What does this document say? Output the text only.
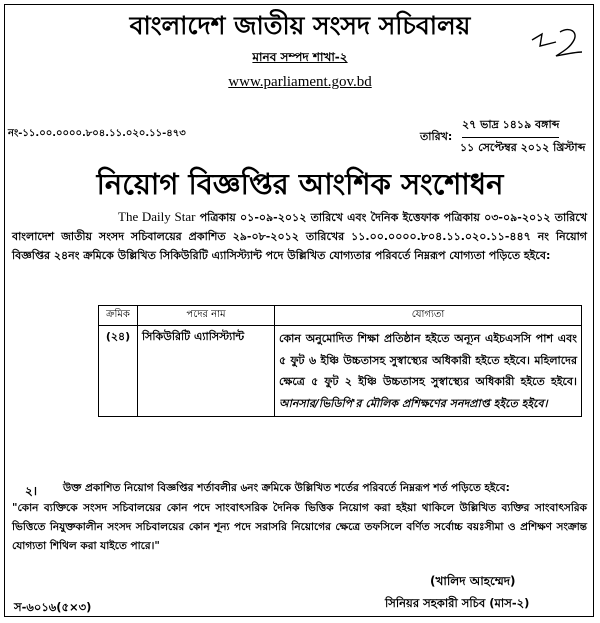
বাংলাদেশ জাতীয় সংসদ সচিবালয়
মানব সম্পদ শাখা-২
www.parliament.gov.bd
নং-১১.০০.০০০০.৮০৪.১১.০২০.১১-৪৭৩	তারিখ:
২৭ ভাদ্র ১৪১৯ বঙ্গাব্দ
১১ সেপ্টেম্বর ২০১২ খ্রিস্টাব্দ
নিয়োগ বিজ্ঞপ্তির আংশিক সংশোধন
The Daily Star পত্রিকায় ০১-০৯-২০১২ তারিখে এবং দৈনিক ইত্তেফাক পত্রিকায় ০৩-০৯-২০১২ তারিখে বাংলাদেশ জাতীয় সংসদ সচিবালয়ের প্রকাশিত ২৯-০৮-২০১২ তারিখের ১১.০০.০০০০.৮০৪.১১.০২০.১১-৪৪৭ নং নিয়োগ বিজ্ঞপ্তির ২৪নং ক্রমিকে উল্লিখিত সিকিউরিটি এ্যাসিস্ট্যান্ট পদে উল্লিখিত যোগ্যতার পরিবর্তে নিম্নরূপ যোগ্যতা পড়িতে হইবে:
ক্রমিক	পদের নাম	যোগ্যতা
(২৪)	সিকিউরিটি এ্যাসিস্ট্যান্ট	কোন অনুমোদিত শিক্ষা প্রতিষ্ঠান হইতে অন্যূন এইচএসসি পাশ এবং ৫ ফুট ৬ ইঞ্চি উচ্চতাসহ সুস্বাস্থ্যের অধিকারী হইতে হইবে। মহিলাদের ক্ষেত্রে ৫ ফুট ২ ইঞ্চি উচ্চতাসহ সুস্বাস্থ্যের অধিকারী হইতে হইবে। আনসার/ভিডিপি'র মৌলিক প্রশিক্ষণের সনদপ্রাপ্ত হইতে হইবে।
২। উক্ত প্রকাশিত নিয়োগ বিজ্ঞপ্তির শর্তাবলীর ৬নং ক্রমিকে উল্লিখিত শর্তের পরিবর্তে নিম্নরূপ শর্ত পড়িতে হইবে:
"কোন ব্যক্তিকে সংসদ সচিবালয়ের কোন পদে সাংবাৎসরিক দৈনিক ভিত্তিক নিয়োগ করা হইয়া থাকিলে উল্লিখিত ব্যক্তির সাংবাৎসরিক ভিত্তিতে নিযুক্তকালীন সংসদ সচিবালয়ের কোন শূন্য পদে সরাসরি নিয়োগের ক্ষেত্রে তফসিলে বর্ণিত সর্বোচ্চ বয়ঃসীমা ও প্রশিক্ষণ সংক্রান্ত যোগ্যতা শিথিল করা যাইতে পারে।"
(খালিদ আহম্মেদ)
সিনিয়র সহকারী সচিব (মাস-২)
স-৬০১৬(৫×৩)
